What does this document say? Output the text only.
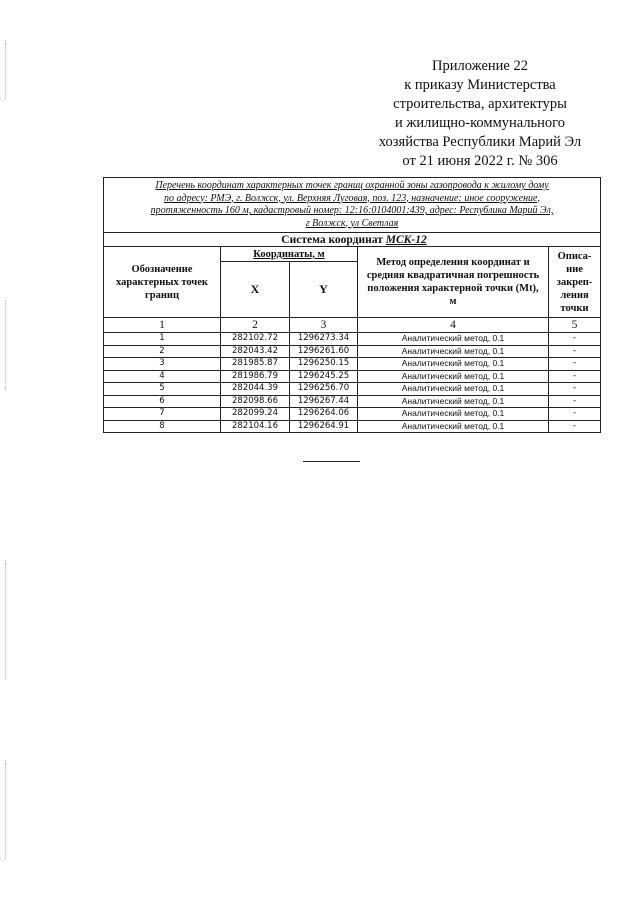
Приложение 22
к приказу Министерства
строительства, архитектуры
и жилищно-коммунального
хозяйства Республики Марий Эл
от 21 июня 2022 г. № 306
Перечень координат характерных точек границ охранной зоны газопровода к жилому дому
по адресу: РМЭ, г. Волжск, ул. Верхняя Луговая, поз. 123, назначение: иное сооружение,
протяженность 160 м, кадастровый номер: 12:16:0104001:439, адрес: Республика Марий Эл,
г Волжск, ул Светлая				

Система координат МСК-12				
Обозначение характерных точек границ	Координаты, м		Метод определения координат и средняя квадратичная погрешность положения характерной точки (Mt), м	Описа-ние закреп-ления точки
	X	Y		
1	2	3	4	5
1	282102.72	1296273.34	Аналитический метод, 0.1	-
2	282043.42	1296261.60	Аналитический метод, 0.1	-
3	281985.87	1296250.15	Аналитический метод, 0.1	-
4	281986.79	1296245.25	Аналитический метод, 0.1	-
5	282044.39	1296256.70	Аналитический метод, 0.1	-
6	282098.66	1296267.44	Аналитический метод, 0.1	-
7	282099.24	1296264.06	Аналитический метод, 0.1	-
8	282104.16	1296264.91	Аналитический метод, 0.1	-
